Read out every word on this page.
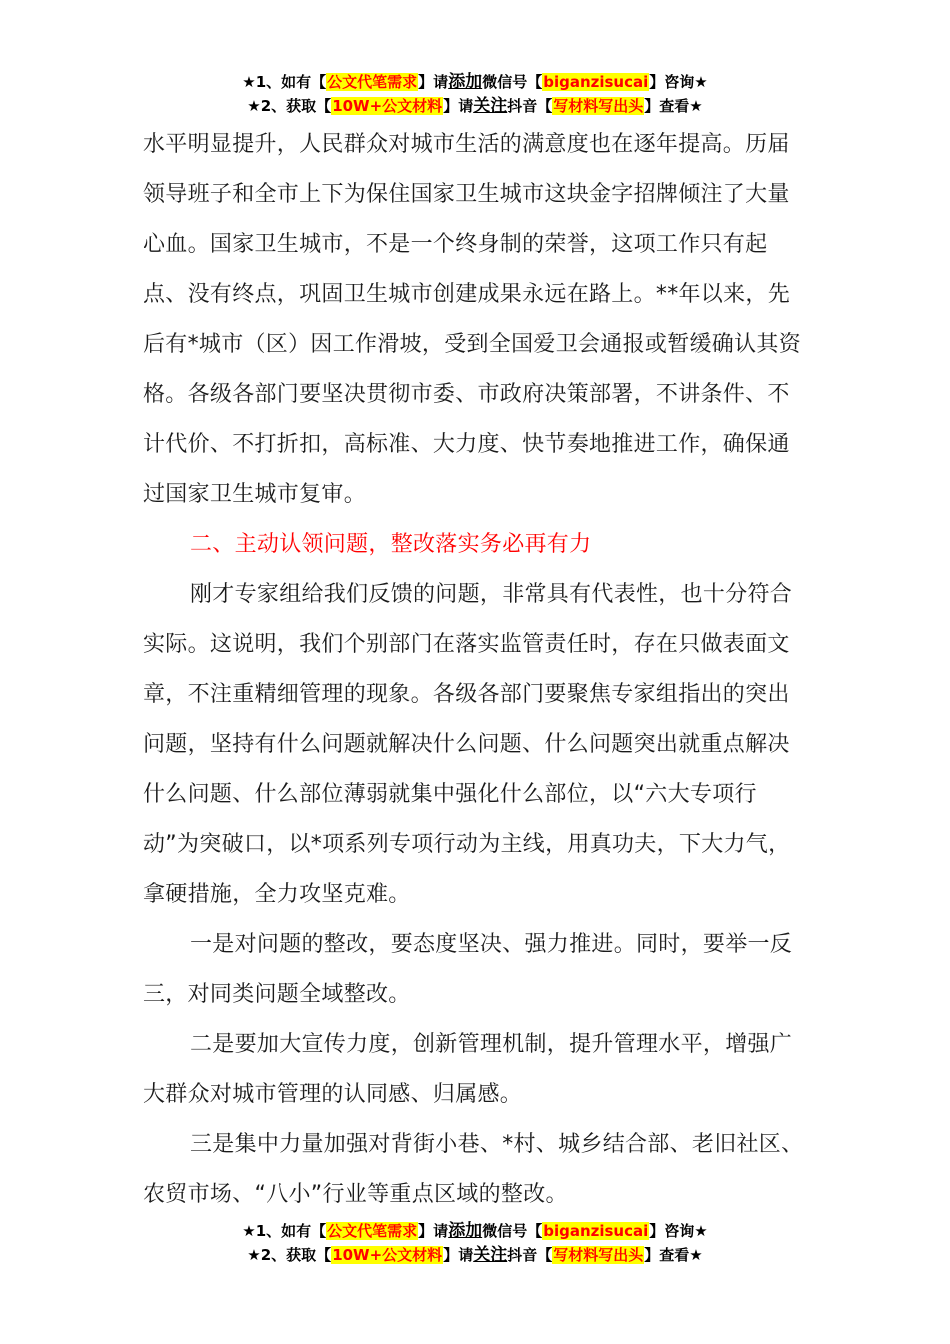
★1、如有【公文代笔需求】请添加微信号【biganzisucai】咨询★
★2、获取【10W+公文材料】请关注抖音【写材料写出头】查看★

水平明显提升，人民群众对城市生活的满意度也在逐年提高。历届领导班子和全市上下为保住国家卫生城市这块金字招牌倾注了大量心血。国家卫生城市，不是一个终身制的荣誉，这项工作只有起点、没有终点，巩固卫生城市创建成果永远在路上。**年以来，先后有*城市（区）因工作滑坡，受到全国爱卫会通报或暂缓确认其资格。各级各部门要坚决贯彻市委、市政府决策部署，不讲条件、不计代价、不打折扣，高标准、大力度、快节奏地推进工作，确保通过国家卫生城市复审。

二、主动认领问题，整改落实务必再有力

刚才专家组给我们反馈的问题，非常具有代表性，也十分符合实际。这说明，我们个别部门在落实监管责任时，存在只做表面文章，不注重精细管理的现象。各级各部门要聚焦专家组指出的突出问题，坚持有什么问题就解决什么问题、什么问题突出就重点解决什么问题、什么部位薄弱就集中强化什么部位，以“六大专项行动”为突破口，以*项系列专项行动为主线，用真功夫，下大力气，拿硬措施，全力攻坚克难。

一是对问题的整改，要态度坚决、强力推进。同时，要举一反三，对同类问题全域整改。

二是要加大宣传力度，创新管理机制，提升管理水平，增强广大群众对城市管理的认同感、归属感。

三是集中力量加强对背街小巷、*村、城乡结合部、老旧社区、农贸市场、“八小”行业等重点区域的整改。

★1、如有【公文代笔需求】请添加微信号【biganzisucai】咨询★
★2、获取【10W+公文材料】请关注抖音【写材料写出头】查看★
